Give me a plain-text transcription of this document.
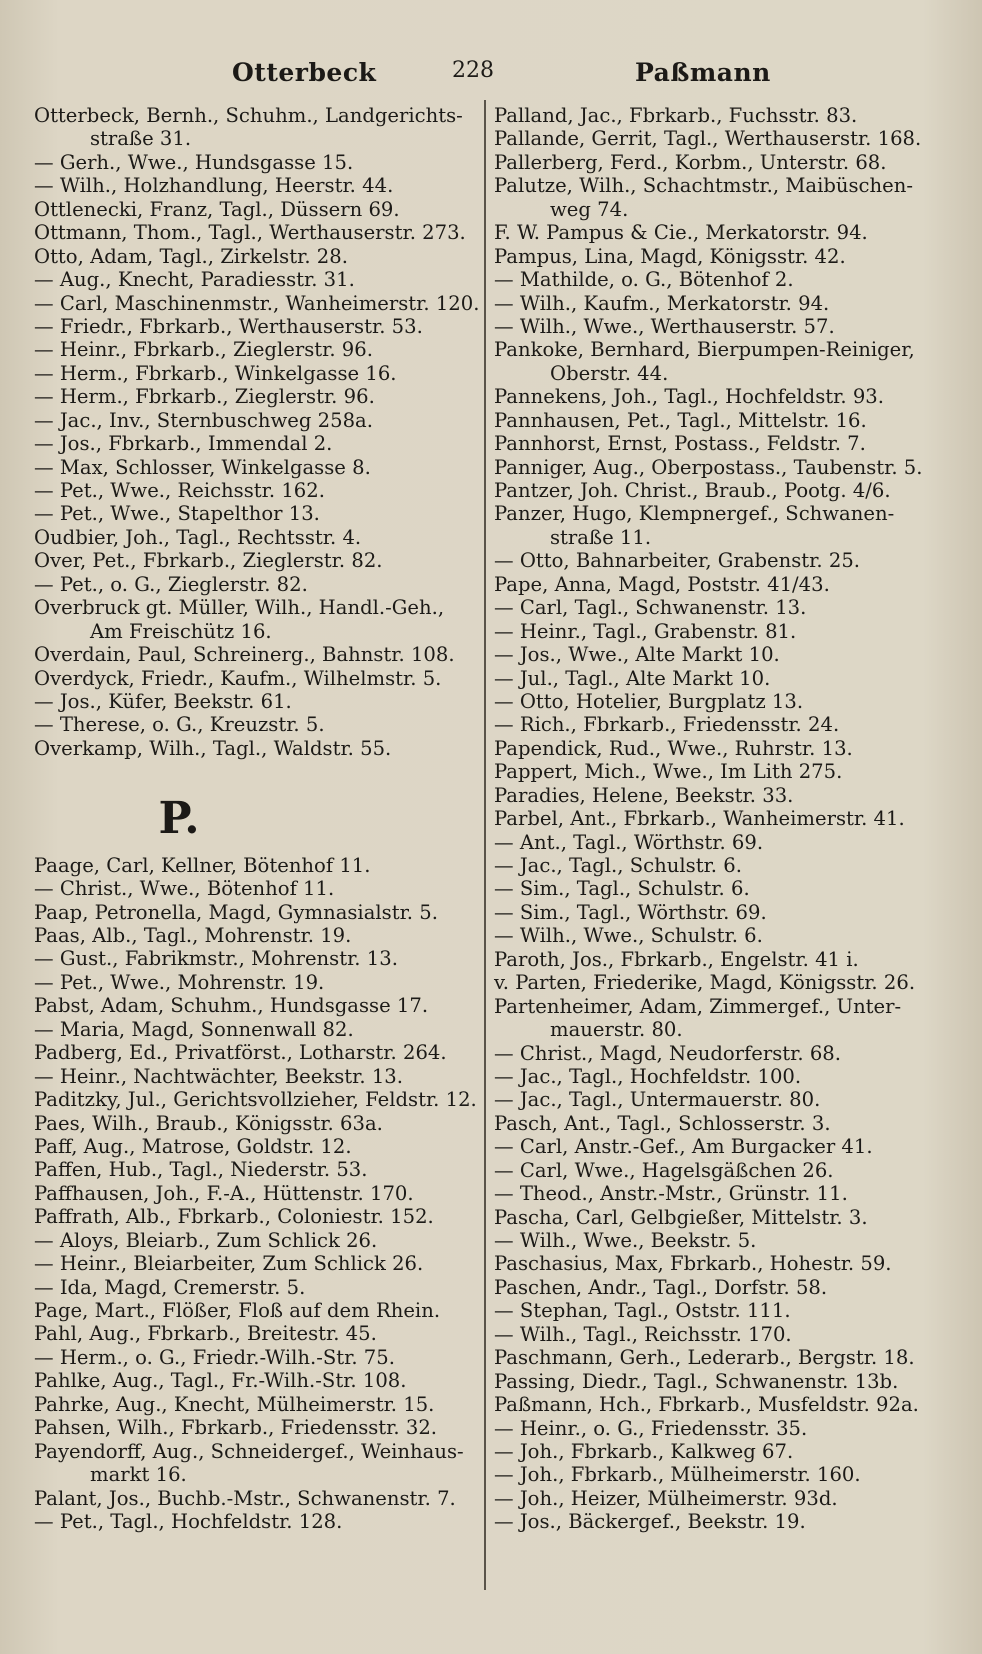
Otterbeck	228	Paßmann
Otterbeck, Bernh., Schuhm., Landgerichts-
straße 31.
— Gerh., Wwe., Hundsgasse 15.
— Wilh., Holzhandlung, Heerstr. 44.
Ottlenecki, Franz, Tagl., Düssern 69.
Ottmann, Thom., Tagl., Werthauserstr. 273.
Otto, Adam, Tagl., Zirkelstr. 28.
— Aug., Knecht, Paradiesstr. 31.
— Carl, Maschinenmstr., Wanheimerstr. 120.
— Friedr., Fbrkarb., Werthauserstr. 53.
— Heinr., Fbrkarb., Zieglerstr. 96.
— Herm., Fbrkarb., Winkelgasse 16.
— Herm., Fbrkarb., Zieglerstr. 96.
— Jac., Inv., Sternbuschweg 258a.
— Jos., Fbrkarb., Immendal 2.
— Max, Schlosser, Winkelgasse 8.
— Pet., Wwe., Reichsstr. 162.
— Pet., Wwe., Stapelthor 13.
Oudbier, Joh., Tagl., Rechtsstr. 4.
Over, Pet., Fbrkarb., Zieglerstr. 82.
— Pet., o. G., Zieglerstr. 82.
Overbruck gt. Müller, Wilh., Handl.-Geh.,
Am Freischütz 16.
Overdain, Paul, Schreinerg., Bahnstr. 108.
Overdyck, Friedr., Kaufm., Wilhelmstr. 5.
— Jos., Küfer, Beekstr. 61.
— Therese, o. G., Kreuzstr. 5.
Overkamp, Wilh., Tagl., Waldstr. 55.
P.
Paage, Carl, Kellner, Bötenhof 11.
— Christ., Wwe., Bötenhof 11.
Paap, Petronella, Magd, Gymnasialstr. 5.
Paas, Alb., Tagl., Mohrenstr. 19.
— Gust., Fabrikmstr., Mohrenstr. 13.
— Pet., Wwe., Mohrenstr. 19.
Pabst, Adam, Schuhm., Hundsgasse 17.
— Maria, Magd, Sonnenwall 82.
Padberg, Ed., Privatförst., Lotharstr. 264.
— Heinr., Nachtwächter, Beekstr. 13.
Paditzky, Jul., Gerichtsvollzieher, Feldstr. 12.
Paes, Wilh., Braub., Königsstr. 63a.
Paff, Aug., Matrose, Goldstr. 12.
Paffen, Hub., Tagl., Niederstr. 53.
Paffhausen, Joh., F.-A., Hüttenstr. 170.
Paffrath, Alb., Fbrkarb., Coloniestr. 152.
— Aloys, Bleiarb., Zum Schlick 26.
— Heinr., Bleiarbeiter, Zum Schlick 26.
— Ida, Magd, Cremerstr. 5.
Page, Mart., Flößer, Floß auf dem Rhein.
Pahl, Aug., Fbrkarb., Breitestr. 45.
— Herm., o. G., Friedr.-Wilh.-Str. 75.
Pahlke, Aug., Tagl., Fr.-Wilh.-Str. 108.
Pahrke, Aug., Knecht, Mülheimerstr. 15.
Pahsen, Wilh., Fbrkarb., Friedensstr. 32.
Payendorff, Aug., Schneidergef., Weinhaus-
markt 16.
Palant, Jos., Buchb.-Mstr., Schwanenstr. 7.
— Pet., Tagl., Hochfeldstr. 128.
Palland, Jac., Fbrkarb., Fuchsstr. 83.
Pallande, Gerrit, Tagl., Werthauserstr. 168.
Pallerberg, Ferd., Korbm., Unterstr. 68.
Palutze, Wilh., Schachtmstr., Maibüschen-
weg 74.
F. W. Pampus & Cie., Merkatorstr. 94.
Pampus, Lina, Magd, Königsstr. 42.
— Mathilde, o. G., Bötenhof 2.
— Wilh., Kaufm., Merkatorstr. 94.
— Wilh., Wwe., Werthauserstr. 57.
Pankoke, Bernhard, Bierpumpen-Reiniger,
Oberstr. 44.
Pannekens, Joh., Tagl., Hochfeldstr. 93.
Pannhausen, Pet., Tagl., Mittelstr. 16.
Pannhorst, Ernst, Postass., Feldstr. 7.
Panniger, Aug., Oberpostass., Taubenstr. 5.
Pantzer, Joh. Christ., Braub., Pootg. 4/6.
Panzer, Hugo, Klempnergef., Schwanen-
straße 11.
— Otto, Bahnarbeiter, Grabenstr. 25.
Pape, Anna, Magd, Poststr. 41/43.
— Carl, Tagl., Schwanenstr. 13.
— Heinr., Tagl., Grabenstr. 81.
— Jos., Wwe., Alte Markt 10.
— Jul., Tagl., Alte Markt 10.
— Otto, Hotelier, Burgplatz 13.
— Rich., Fbrkarb., Friedensstr. 24.
Papendick, Rud., Wwe., Ruhrstr. 13.
Pappert, Mich., Wwe., Im Lith 275.
Paradies, Helene, Beekstr. 33.
Parbel, Ant., Fbrkarb., Wanheimerstr. 41.
— Ant., Tagl., Wörthstr. 69.
— Jac., Tagl., Schulstr. 6.
— Sim., Tagl., Schulstr. 6.
— Sim., Tagl., Wörthstr. 69.
— Wilh., Wwe., Schulstr. 6.
Paroth, Jos., Fbrkarb., Engelstr. 41 i.
v. Parten, Friederike, Magd, Königsstr. 26.
Partenheimer, Adam, Zimmergef., Unter-
mauerstr. 80.
— Christ., Magd, Neudorferstr. 68.
— Jac., Tagl., Hochfeldstr. 100.
— Jac., Tagl., Untermauerstr. 80.
Pasch, Ant., Tagl., Schlosserstr. 3.
— Carl, Anstr.-Gef., Am Burgacker 41.
— Carl, Wwe., Hagelsgäßchen 26.
— Theod., Anstr.-Mstr., Grünstr. 11.
Pascha, Carl, Gelbgießer, Mittelstr. 3.
— Wilh., Wwe., Beekstr. 5.
Paschasius, Max, Fbrkarb., Hohestr. 59.
Paschen, Andr., Tagl., Dorfstr. 58.
— Stephan, Tagl., Oststr. 111.
— Wilh., Tagl., Reichsstr. 170.
Paschmann, Gerh., Lederarb., Bergstr. 18.
Passing, Diedr., Tagl., Schwanenstr. 13b.
Paßmann, Hch., Fbrkarb., Musfeldstr. 92a.
— Heinr., o. G., Friedensstr. 35.
— Joh., Fbrkarb., Kalkweg 67.
— Joh., Fbrkarb., Mülheimerstr. 160.
— Joh., Heizer, Mülheimerstr. 93d.
— Jos., Bäckergef., Beekstr. 19.
